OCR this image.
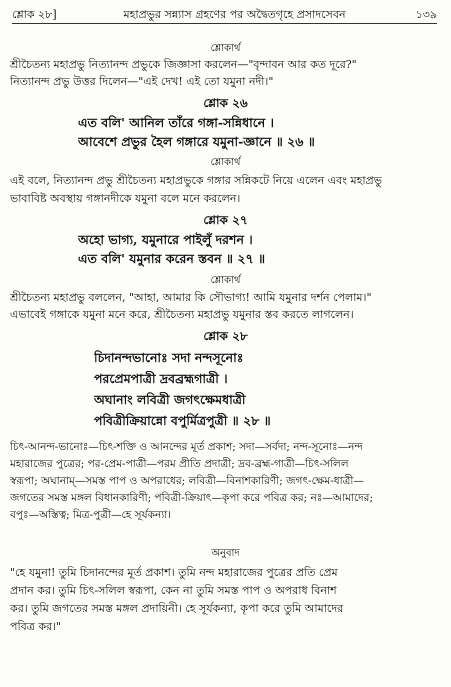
শ্লোক ২৮]	মহাপ্রভুর সন্ন্যাস গ্রহণের পর অদ্বৈতগৃহে প্রসাদসেবন	১৩৯
শ্লোকার্থ
শ্রীচৈতন্য মহাপ্রভু নিত্যানন্দ প্রভুকে জিজ্ঞাসা করলেন—"বৃন্দাবন আর কত দূরে?"
নিত্যানন্দ প্রভু উত্তর দিলেন—"এই দেখ! এই তো যমুনা নদী।"
শ্লোক ২৬
এত বলি' আনিল তাঁরে গঙ্গা-সন্নিধানে ।
আবেশে প্রভুর হৈল গঙ্গারে যমুনা-জ্ঞানে ॥ ২৬ ॥
শ্লোকার্থ
এই বলে, নিত্যানন্দ প্রভু শ্রীচৈতন্য মহাপ্রভুকে গঙ্গার সন্নিকটে নিয়ে এলেন এবং মহাপ্রভু
ভাবাবিষ্ট অবস্থায় গঙ্গানদীকে যমুনা বলে মনে করলেন।
শ্লোক ২৭
অহো ভাগ্য, যমুনারে পাইলুঁ দরশন ।
এত বলি' যমুনার করেন স্তবন ॥ ২৭ ॥
শ্লোকার্থ
শ্রীচৈতন্য মহাপ্রভু বললেন, "আহা, আমার কি সৌভাগ্য! আমি যমুনার দর্শন পেলাম।"
এভাবেই গঙ্গাকে যমুনা মনে করে, শ্রীচৈতন্য মহাপ্রভু যমুনার স্তব করতে লাগলেন।
শ্লোক ২৮
চিদানন্দভানোঃ সদা নন্দসূনোঃ
পরপ্রেমপাত্রী দ্রবব্রহ্মগাত্রী ।
অঘানাং লবিত্রী জগৎক্ষেমধাত্রী
পবিত্রীক্রিয়ান্নো বপুর্মিত্রপুত্রী ॥ ২৮ ॥
চিৎ-আনন্দ-ভানোঃ—চিৎ-শক্তি ও আনন্দের মূর্ত প্রকাশ; সদা—সর্বদা; নন্দ-সূনোঃ—নন্দ
মহারাজের পুত্রের; পর-প্রেম-পাত্রী—পরম প্রীতি প্রদাত্রী; দ্রব-ব্রহ্ম-গাত্রী—চিৎ-সলিল
স্বরূপা; অঘানাম্—সমস্ত পাপ ও অপরাধের; লবিত্রী—বিনাশকারিণী; জগৎ-ক্ষেম-ধাত্রী—
জগতের সমস্ত মঙ্গল বিধানকারিণী; পবিত্রী-ক্রিয়াৎ—কৃপা করে পবিত্র কর; নঃ—আমাদের;
বপুঃ—অস্তিত্ব; মিত্র-পুত্রী—হে সূর্যকন্যা।
অনুবাদ
"হে যমুনা! তুমি চিদানন্দের মূর্ত প্রকাশ। তুমি নন্দ মহারাজের পুত্রের প্রতি প্রেম
প্রদান কর। তুমি চিৎ-সলিল স্বরূপা, কেন না তুমি সমস্ত পাপ ও অপরাধ বিনাশ
কর। তুমি জগতের সমস্ত মঙ্গল প্রদায়িনী। হে সূর্যকন্যা, কৃপা করে তুমি আমাদের
পবিত্র কর।"
